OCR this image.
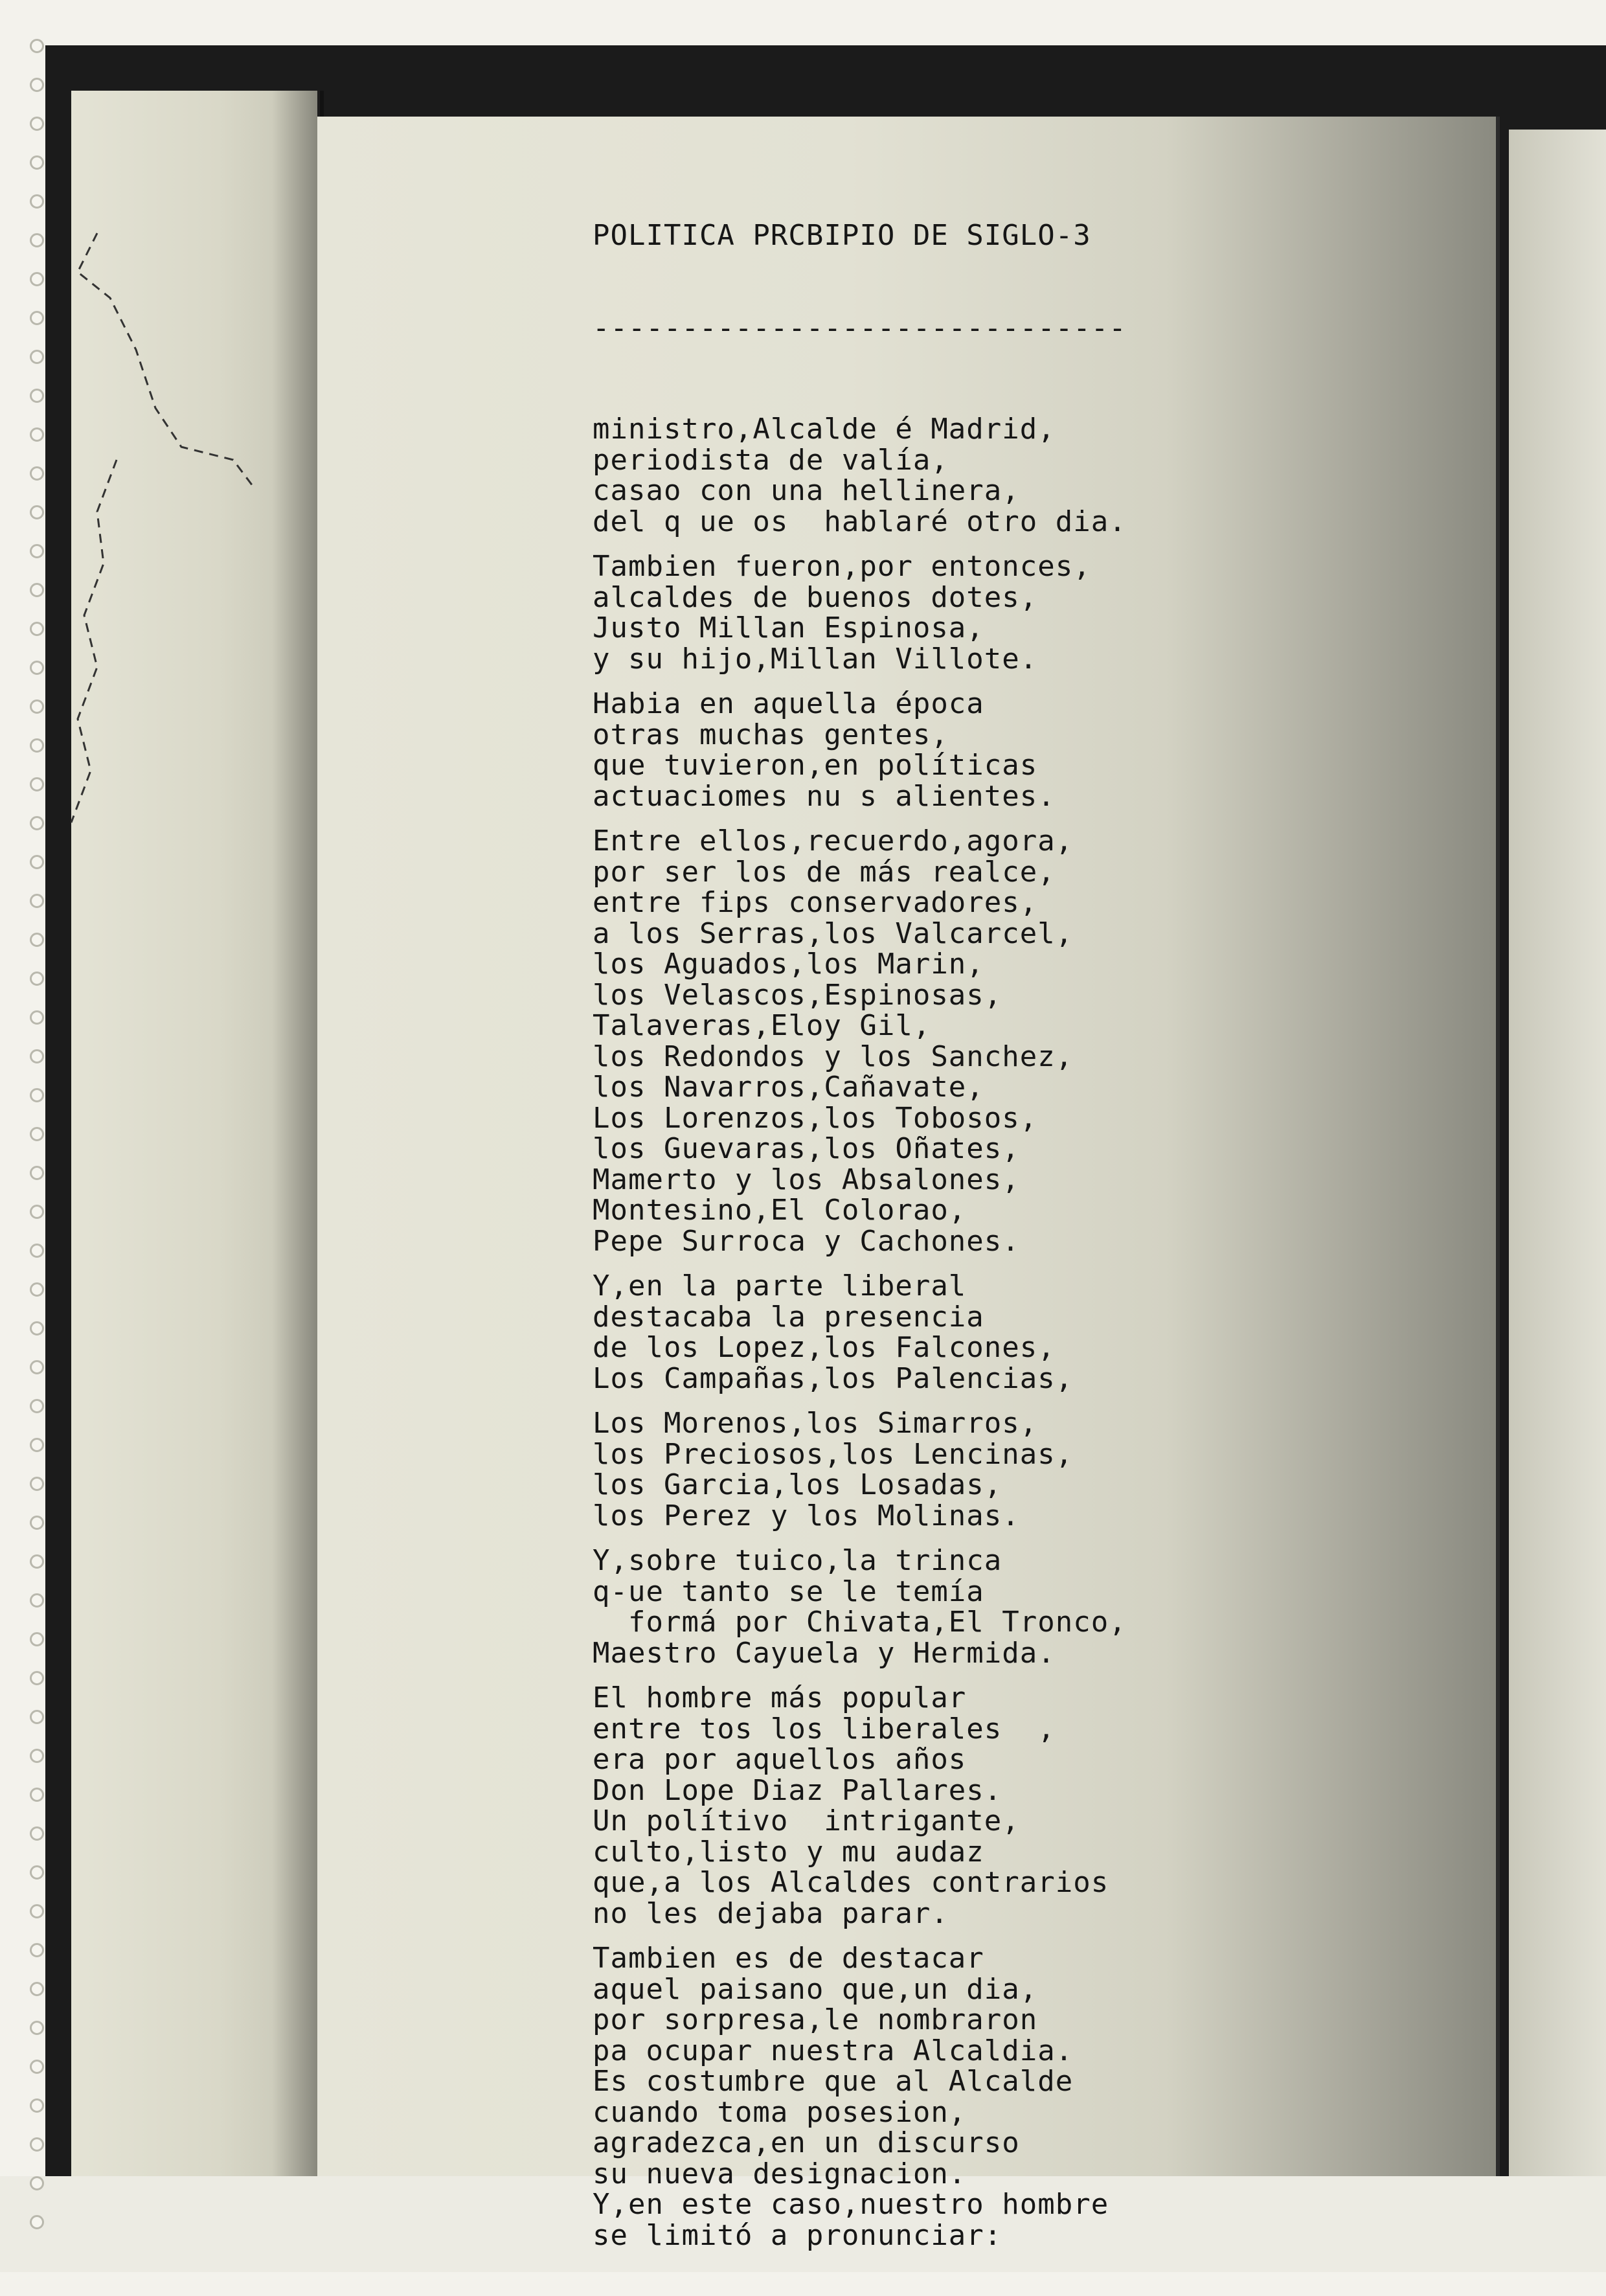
POLITICA PRCBIPIO DE SIGLO-3

------------------------------

ministro,Alcalde é Madrid,
periodista de valía,
casao con una hellinera,
del q ue os  hablaré otro dia.
Tambien fueron,por entonces,
alcaldes de buenos dotes,
Justo Millan Espinosa,
y su hijo,Millan Villote.
Habia en aquella época
otras muchas gentes,
que tuvieron,en políticas
actuaciomes nu s alientes.
Entre ellos,recuerdo,agora,
por ser los de más realce,
entre fips conservadores,
a los Serras,los Valcarcel,
los Aguados,los Marin,
los Velascos,Espinosas,
Talaveras,Eloy Gil,
los Redondos y los Sanchez,
los Navarros,Cañavate,
Los Lorenzos,los Tobosos,
los Guevaras,los Oñates,
Mamerto y los Absalones,
Montesino,El Colorao,
Pepe Surroca y Cachones.
Y,en la parte liberal
destacaba la presencia
de los Lopez,los Falcones,
Los Campañas,los Palencias,
Los Morenos,los Simarros,
los Preciosos,los Lencinas,
los Garcia,los Losadas,
los Perez y los Molinas.
Y,sobre tuico,la trinca
q-ue tanto se le temía
formá por Chivata,El Tronco,
Maestro Cayuela y Hermida.
El hombre más popular
entre tos los liberales  ,
era por aquellos años
Don Lope Diaz Pallares.
Un polítivo  intrigante,
culto,listo y mu audaz
que,a los Alcaldes contrarios
no les dejaba parar.
Tambien es de destacar
aquel paisano que,un dia,
por sorpresa,le nombraron
pa ocupar nuestra Alcaldia.
Es costumbre que al Alcalde
cuando toma posesion,
agradezca,en un discurso
su nueva designacion.
Y,en este caso,nuestro hombre
se limitó a pronunciar:
